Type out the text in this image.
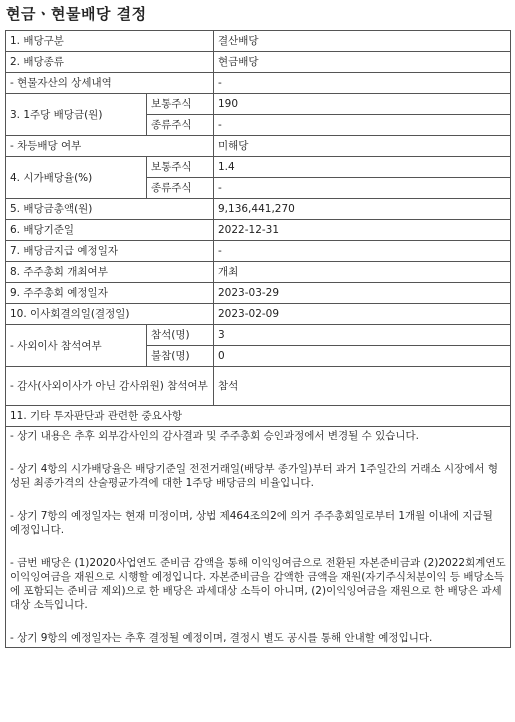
현금ㆍ현물배당 결정
1. 배당구분		결산배당
2. 배당종류		현금배당
- 현물자산의 상세내역		-
3. 1주당 배당금(원)	보통주식	190
	종류주식	-
- 차등배당 여부		미해당
4. 시가배당율(%)	보통주식	1.4
	종류주식	-
5. 배당금총액(원)		9,136,441,270
6. 배당기준일		2022-12-31
7. 배당금지급 예정일자		-
8. 주주총회 개최여부		개최
9. 주주총회 예정일자		2023-03-29
10. 이사회결의일(결정일)		2023-02-09
- 사외이사 참석여부	참석(명)	3
	불참(명)	0
- 감사(사외이사가 아닌 감사위원) 참석여부		참석
11. 기타 투자판단과 관련한 중요사항		

- 상기 내용은 추후 외부감사인의 감사결과 및 주주총회 승인과정에서 변경될 수 있습니다.

- 상기 4항의 시가배당율은 배당기준일 전전거래일(배당부 종가일)부터 과거 1주일간의 거래소 시장에서 형성된 최종가격의 산술평균가격에 대한 1주당 배당금의 비율입니다.

- 상기 7항의 예정일자는 현재 미정이며, 상법 제464조의2에 의거 주주총회일로부터 1개월 이내에 지급될 예정입니다.

- 금번 배당은 (1)2020사업연도 준비금 감액을 통해 이익잉여금으로 전환된 자본준비금과 (2)2022회계연도 이익잉여금을 재원으로 시행할 예정입니다. 자본준비금을 감액한 금액을 재원(자기주식처분이익 등 배당소득에 포함되는 준비금 제외)으로 한 배당은 과세대상 소득이 아니며, (2)이익잉여금을 재원으로 한 배당은 과세 대상 소득입니다.

- 상기 9항의 예정일자는 추후 결정될 예정이며, 결정시 별도 공시를 통해 안내할 예정입니다.		
